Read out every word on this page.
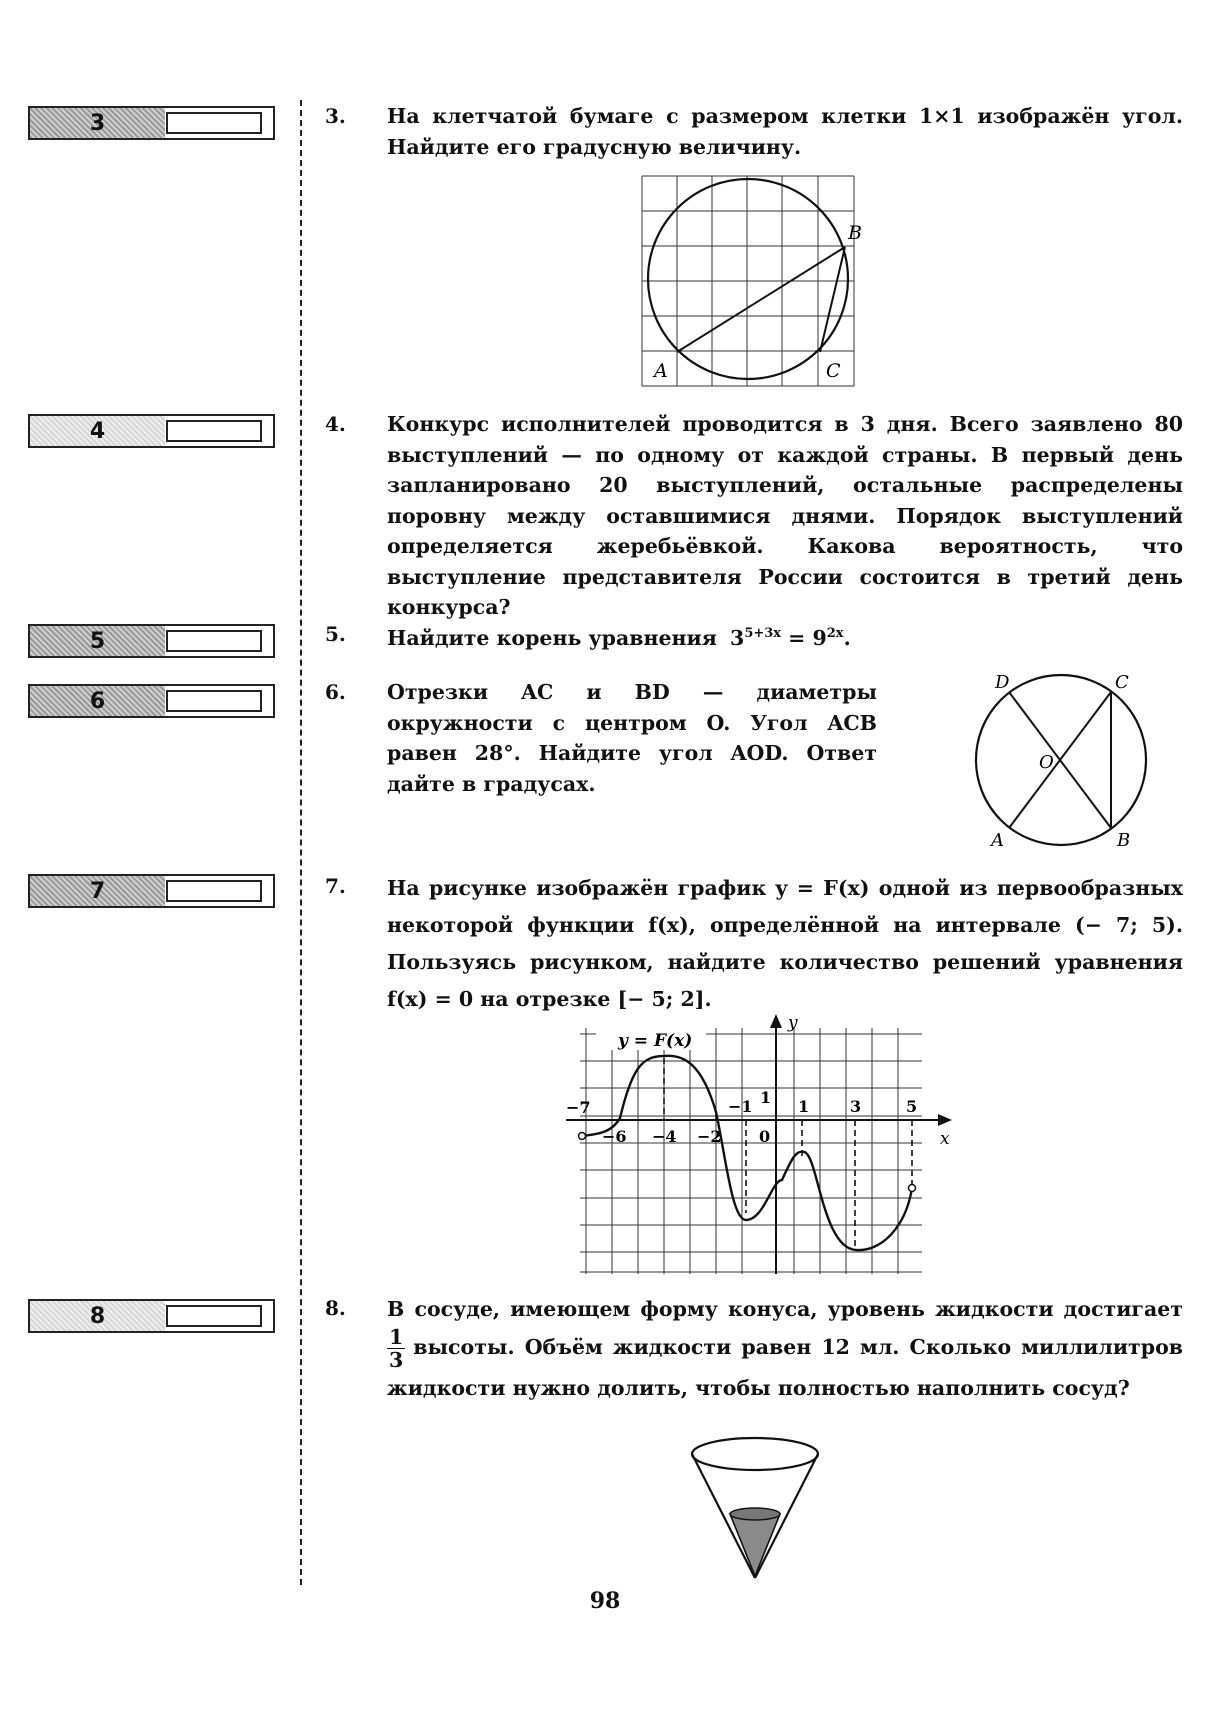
3
4
5
6
7
8
3. На клетчатой бумаге с размером клетки 1×1 изображён угол. Найдите его градусную величину.
A
B
C
4. Конкурс исполнителей проводится в 3 дня. Всего заявлено 80 выступлений — по одному от каждой страны. В первый день запланировано 20 выступлений, остальные распределены поровну между оставшимися днями. Порядок выступлений определяется жеребьёвкой. Какова вероятность, что выступление представителя России состоится в третий день конкурса?
5. Найдите корень уравнения $3^{5+3x} = 9^{2x}$.
6. Отрезки AC и BD — диаметры окружности с центром O. Угол ACB равен 28°. Найдите угол AOD. Ответ дайте в градусах.
D	C
O
A	B
7. На рисунке изображён график y = F(x) одной из первообразных некоторой функции f(x), определённой на интервале (− 7; 5). Пользуясь рисунком, найдите количество решений уравнения f(x) = 0 на отрезке [− 5; 2].
y = F(x)
y
x
−7
−6 −4 −2
−1 1
0
1	3	5
8. В сосуде, имеющем форму конуса, уровень жидкости достигает
$\frac{1}{3}$ высоты. Объём жидкости равен 12 мл. Сколько миллилитров жидкости нужно долить, чтобы полностью наполнить сосуд?
98
